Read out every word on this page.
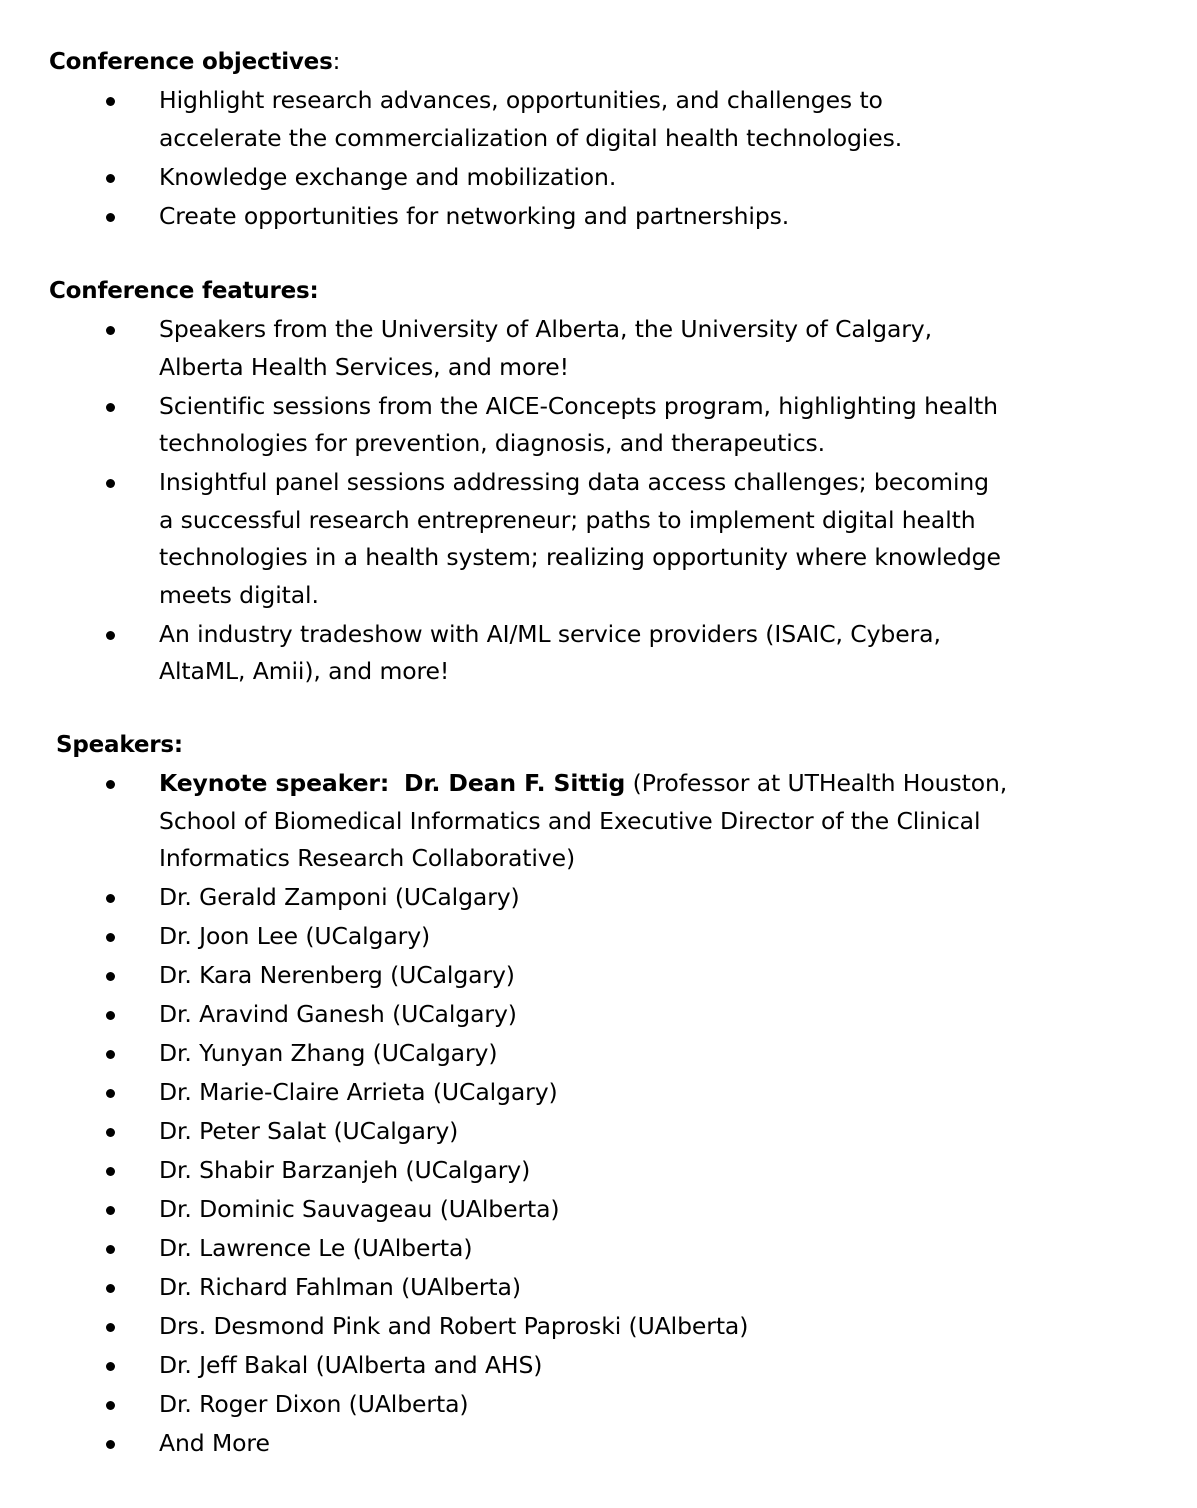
Conference objectives:
Highlight research advances, opportunities, and challenges to accelerate the commercialization of digital health technologies.
Knowledge exchange and mobilization.
Create opportunities for networking and partnerships.
Conference features:
Speakers from the University of Alberta, the University of Calgary, Alberta Health Services, and more!
Scientific sessions from the AICE-Concepts program, highlighting health technologies for prevention, diagnosis, and therapeutics.
Insightful panel sessions addressing data access challenges; becoming a successful research entrepreneur; paths to implement digital health technologies in a health system; realizing opportunity where knowledge meets digital.
An industry tradeshow with AI/ML service providers (ISAIC, Cybera, AltaML, Amii), and more!
Speakers:
Keynote speaker: Dr. Dean F. Sittig (Professor at UTHealth Houston, School of Biomedical Informatics and Executive Director of the Clinical Informatics Research Collaborative)
Dr. Gerald Zamponi (UCalgary)
Dr. Joon Lee (UCalgary)
Dr. Kara Nerenberg (UCalgary)
Dr. Aravind Ganesh (UCalgary)
Dr. Yunyan Zhang (UCalgary)
Dr. Marie-Claire Arrieta (UCalgary)
Dr. Peter Salat (UCalgary)
Dr. Shabir Barzanjeh (UCalgary)
Dr. Dominic Sauvageau (UAlberta)
Dr. Lawrence Le (UAlberta)
Dr. Richard Fahlman (UAlberta)
Drs. Desmond Pink and Robert Paproski (UAlberta)
Dr. Jeff Bakal (UAlberta and AHS)
Dr. Roger Dixon (UAlberta)
And More
